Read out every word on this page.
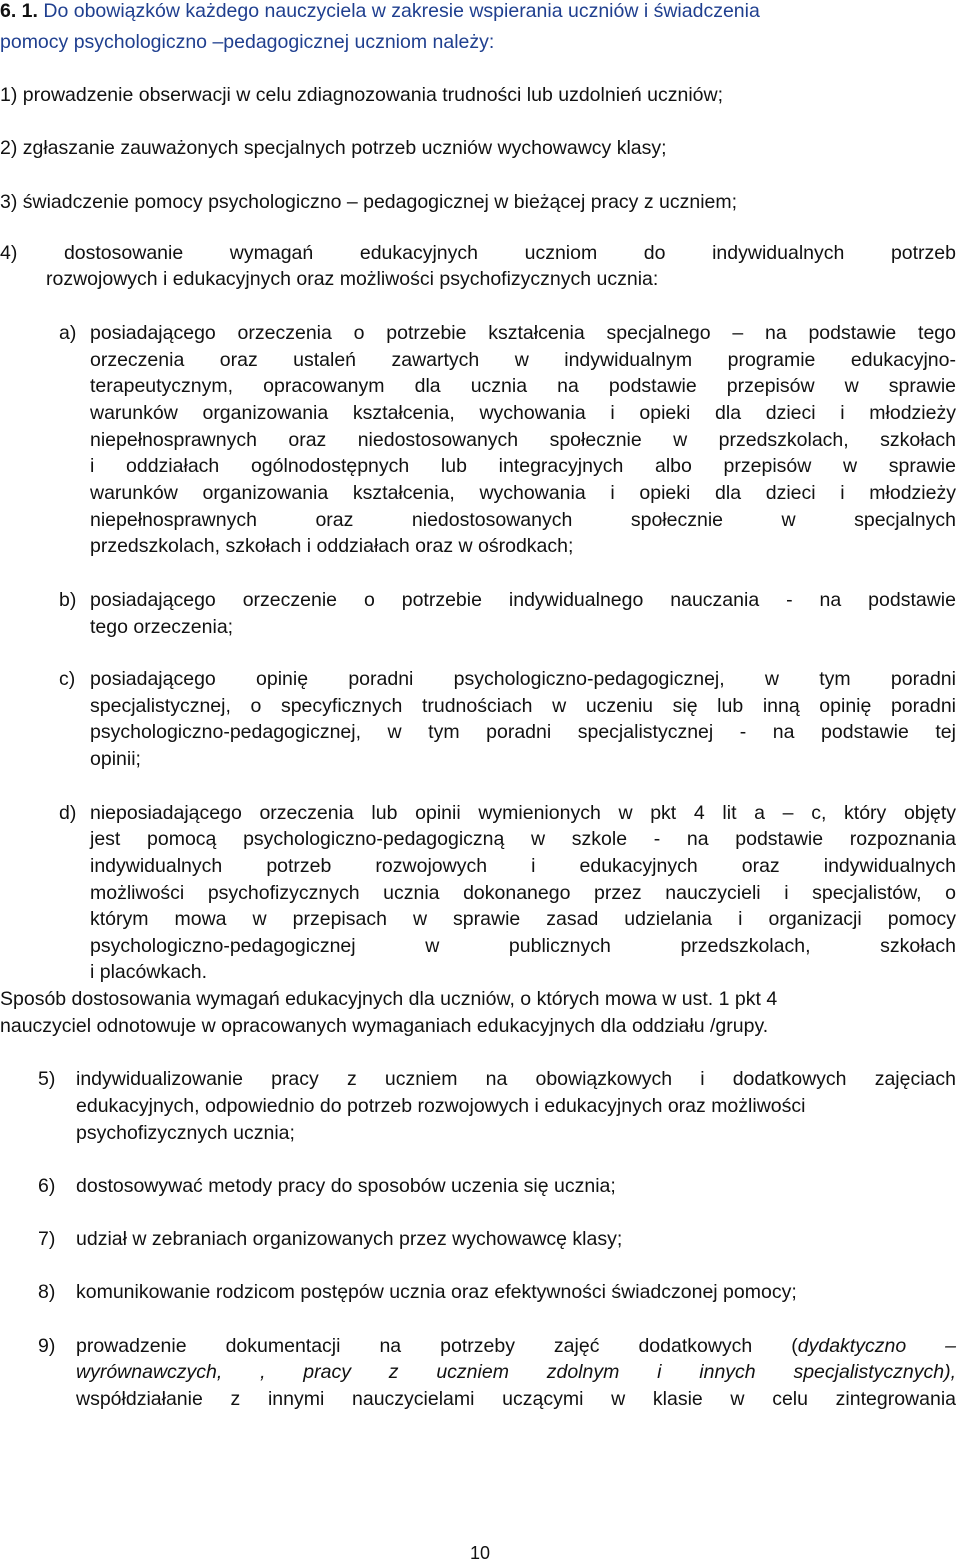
6. 1. Do obowiązków każdego nauczyciela w zakresie wspierania uczniów i świadczenia
pomocy psychologiczno –pedagogicznej uczniom należy:
1) prowadzenie obserwacji w celu zdiagnozowania trudności lub uzdolnień uczniów;
2) zgłaszanie zauważonych specjalnych potrzeb uczniów wychowawcy klasy;
3) świadczenie pomocy psychologiczno – pedagogicznej w bieżącej pracy z uczniem;
4) dostosowanie wymagań edukacyjnych uczniom do indywidualnych potrzeb
rozwojowych i edukacyjnych oraz możliwości psychofizycznych ucznia:
a) posiadającego orzeczenia o potrzebie kształcenia specjalnego – na podstawie tego
orzeczenia oraz ustaleń zawartych w indywidualnym programie edukacyjno-
terapeutycznym, opracowanym dla ucznia na podstawie przepisów w sprawie
warunków organizowania kształcenia, wychowania i opieki dla dzieci i młodzieży
niepełnosprawnych oraz niedostosowanych społecznie w przedszkolach, szkołach
i oddziałach ogólnodostępnych lub integracyjnych albo przepisów w sprawie
warunków organizowania kształcenia, wychowania i opieki dla dzieci i młodzieży
niepełnosprawnych oraz niedostosowanych społecznie w specjalnych
przedszkolach, szkołach i oddziałach oraz w ośrodkach;
b) posiadającego orzeczenie o potrzebie indywidualnego nauczania - na podstawie
tego orzeczenia;
c) posiadającego opinię poradni psychologiczno-pedagogicznej, w tym poradni
specjalistycznej, o specyficznych trudnościach w uczeniu się lub inną opinię poradni
psychologiczno-pedagogicznej, w tym poradni specjalistycznej - na podstawie tej
opinii;
d) nieposiadającego orzeczenia lub opinii wymienionych w pkt 4 lit a – c, który objęty
jest pomocą psychologiczno-pedagogiczną w szkole - na podstawie rozpoznania
indywidualnych potrzeb rozwojowych i edukacyjnych oraz indywidualnych
możliwości psychofizycznych ucznia dokonanego przez nauczycieli i specjalistów, o
którym mowa w przepisach w sprawie zasad udzielania i organizacji pomocy
psychologiczno-pedagogicznej w publicznych przedszkolach, szkołach
i placówkach.
Sposób dostosowania wymagań edukacyjnych dla uczniów, o których mowa w ust. 1 pkt 4
nauczyciel odnotowuje w opracowanych wymaganiach edukacyjnych dla oddziału /grupy.
5) indywidualizowanie pracy z uczniem na obowiązkowych i dodatkowych zajęciach
edukacyjnych, odpowiednio do potrzeb rozwojowych i edukacyjnych oraz możliwości
psychofizycznych ucznia;
6) dostosowywać metody pracy do sposobów uczenia się ucznia;
7) udział w zebraniach organizowanych przez wychowawcę klasy;
8) komunikowanie rodzicom postępów ucznia oraz efektywności świadczonej pomocy;
9) prowadzenie dokumentacji na potrzeby zajęć dodatkowych (dydaktyczno –
wyrównawczych, , pracy z uczniem zdolnym i innych specjalistycznych),
współdziałanie z innymi nauczycielami uczącymi w klasie w celu zintegrowania
10
